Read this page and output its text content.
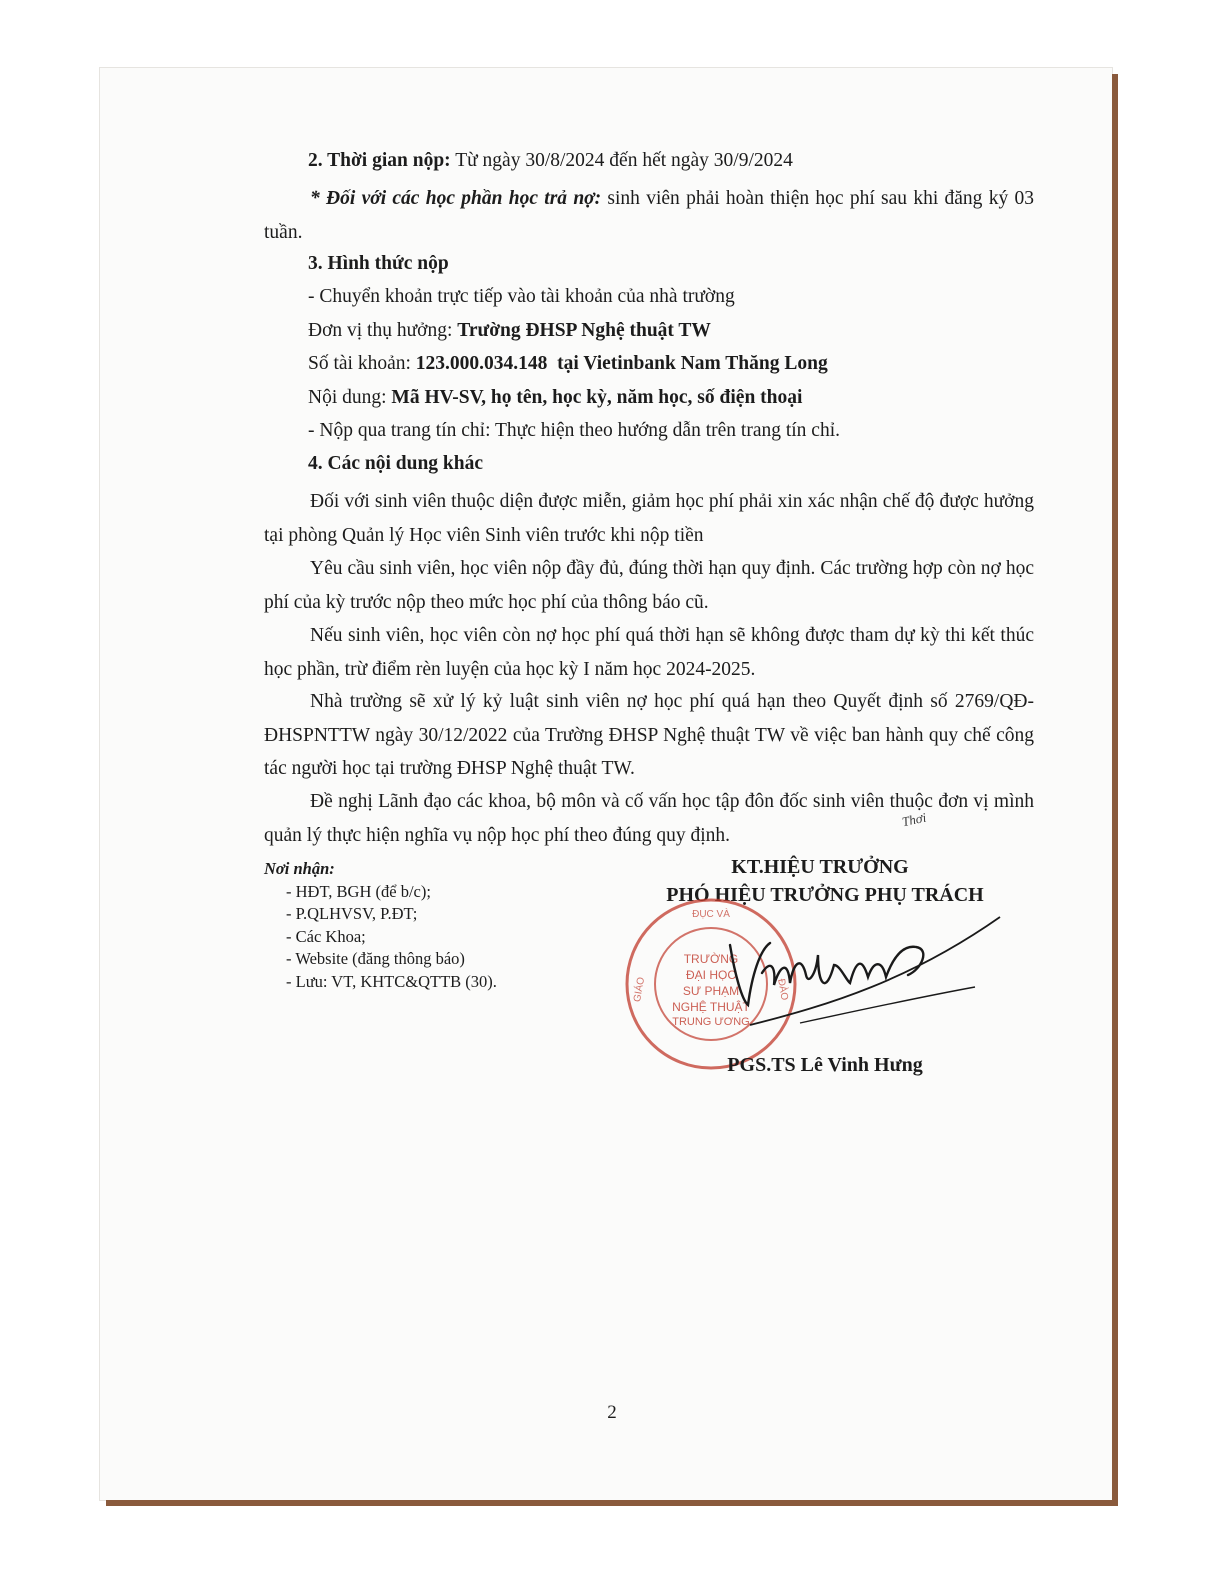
2. Thời gian nộp: Từ ngày 30/8/2024 đến hết ngày 30/9/2024

* Đối với các học phần học trả nợ: sinh viên phải hoàn thiện học phí sau khi đăng ký 03 tuần.

3. Hình thức nộp
- Chuyển khoản trực tiếp vào tài khoản của nhà trường
Đơn vị thụ hưởng: Trường ĐHSP Nghệ thuật TW
Số tài khoản: 123.000.034.148  tại Vietinbank Nam Thăng Long
Nội dung: Mã HV-SV, họ tên, học kỳ, năm học, số điện thoại
- Nộp qua trang tín chỉ: Thực hiện theo hướng dẫn trên trang tín chỉ.
4. Các nội dung khác

Đối với sinh viên thuộc diện được miễn, giảm học phí phải xin xác nhận chế độ được hưởng tại phòng Quản lý Học viên Sinh viên trước khi nộp tiền

Yêu cầu sinh viên, học viên nộp đầy đủ, đúng thời hạn quy định. Các trường hợp còn nợ học phí của kỳ trước nộp theo mức học phí của thông báo cũ.

Nếu sinh viên, học viên còn nợ học phí quá thời hạn sẽ không được tham dự kỳ thi kết thúc học phần, trừ điểm rèn luyện của học kỳ I năm học 2024-2025.

Nhà trường sẽ xử lý kỷ luật sinh viên nợ học phí quá hạn theo Quyết định số 2769/QĐ-ĐHSPNTTW ngày 30/12/2022 của Trường ĐHSP Nghệ thuật TW về việc ban hành quy chế công tác người học tại trường ĐHSP Nghệ thuật TW.

Đề nghị Lãnh đạo các khoa, bộ môn và cố vấn học tập đôn đốc sinh viên thuộc đơn vị mình quản lý thực hiện nghĩa vụ nộp học phí theo đúng quy định.

Thơi
Nơi nhận:
- HĐT, BGH (để b/c);
- P.QLHVSV, P.ĐT;
- Các Khoa;
- Website (đăng thông báo)
- Lưu: VT, KHTC&QTTB (30).
KT.HIỆU TRƯỞNG
PHÓ HIỆU TRƯỞNG PHỤ TRÁCH
TRƯỜNG
ĐẠI HỌC
SƯ PHẠM
NGHỆ THUẬT
TRUNG ƯƠNG
ĐỤC VÀ
GIÁO	ĐÀO
PGS.TS Lê Vinh Hưng
2
